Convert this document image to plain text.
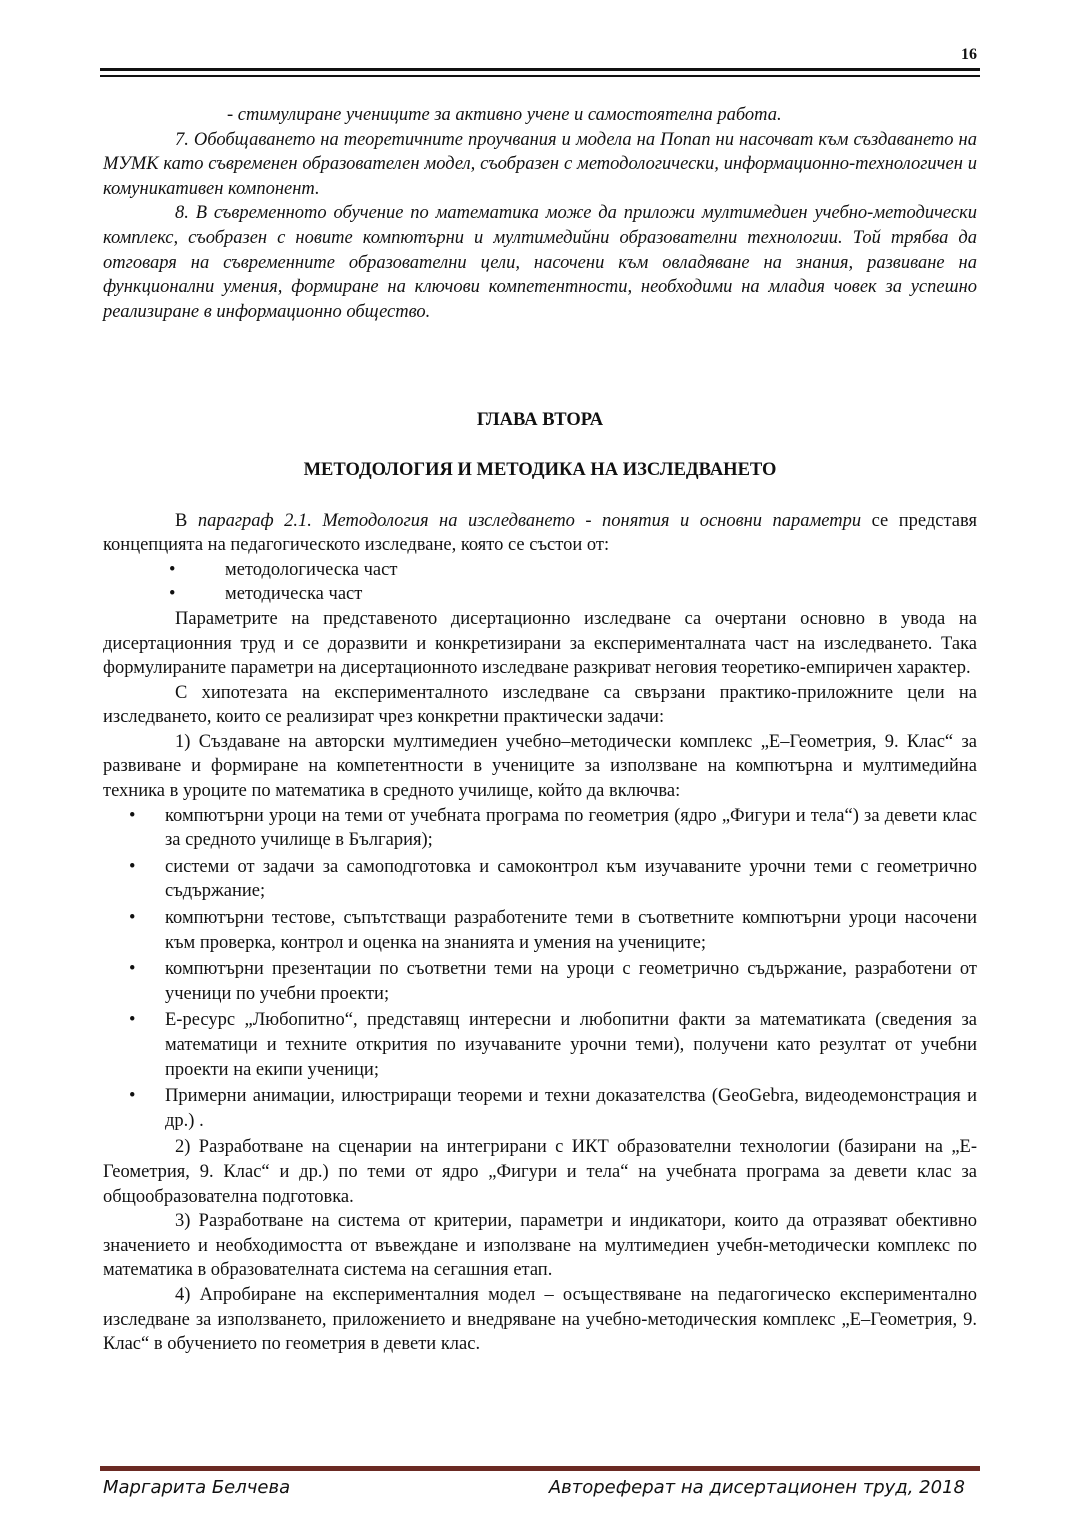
16

- стимулиране учениците за активно учене и самостоятелна работа.

7. Обобщаването на теоретичните проучвания и модела на Попап ни насочват към създаването на МУМК като съвременен образователен модел, съобразен с методологически, информационно-технологичен и комуникативен компонент.

8. В съвременното обучение по математика може да приложи мултимедиен учебно-методически комплекс, съобразен с новите компютърни и мултимедийни образователни технологии. Той трябва да отговаря на съвременните образователни цели, насочени към овладяване на знания, развиване на функционални умения, формиране на ключови компетентности, необходими на младия човек за успешно реализиране в информационно общество.

ГЛАВА ВТОРА

МЕТОДОЛОГИЯ И МЕТОДИКА НА ИЗСЛЕДВАНЕТО

В параграф 2.1. Методология на изследването - понятия и основни параметри се представя концепцията на педагогическото изследване, която се състои от:

• методологическа част
• методическа част

Параметрите на представеното дисертационно изследване са очертани основно в увода на дисертационния труд и се доразвити и конкретизирани за експерименталната част на изследването. Така формулираните параметри на дисертационното изследване разкриват неговия теоретико-емпиричен характер.

С хипотезата на експерименталното изследване са свързани практико-приложните цели на изследването, които се реализират чрез конкретни практически задачи:

1) Създаване на авторски мултимедиен учебно–методически комплекс „Е–Геометрия, 9. Клас“ за развиване и формиране на компетентности в учениците за използване на компютърна и мултимедийна техника в уроците по математика в средното училище, който да включва:

• компютърни уроци на теми от учебната програма по геометрия (ядро „Фигури и тела“) за девети клас за средното училище в България);
• системи от задачи за самоподготовка и самоконтрол към изучаваните урочни теми с геометрично съдържание;
• компютърни тестове, съпътстващи разработените теми в съответните компютърни уроци насочени към проверка, контрол и оценка на знанията и умения на учениците;
• компютърни презентации по съответни теми на уроци с геометрично съдържание, разработени от ученици по учебни проекти;
• Е-ресурс „Любопитно“, представящ интересни и любопитни факти за математиката (сведения за математици и техните открития по изучаваните урочни теми), получени като резултат от учебни проекти на екипи ученици;
• Примерни анимации, илюстриращи теореми и техни доказателства (GeoGebra, видеодемонстрация и др.) .

2) Разработване на сценарии на интегрирани с ИКТ образователни технологии (базирани на „Е-Геометрия, 9. Клас“ и др.) по теми от ядро „Фигури и тела“ на учебната програма за девети клас за общообразователна подготовка.

3) Разработване на система от критерии, параметри и индикатори, които да отразяват обективно значението и необходимостта от въвеждане и използване на мултимедиен учебн-методически комплекс по математика в образователната система на сегашния етап.

4) Апробиране на експерименталния модел – осъществяване на педагогическо експериментално изследване за използването, приложението и внедряване на учебно-методическия комплекс „Е–Геометрия, 9. Клас“ в обучението по геометрия в девети клас.

Маргарита Белчева	Автореферат на дисертационен труд, 2018
